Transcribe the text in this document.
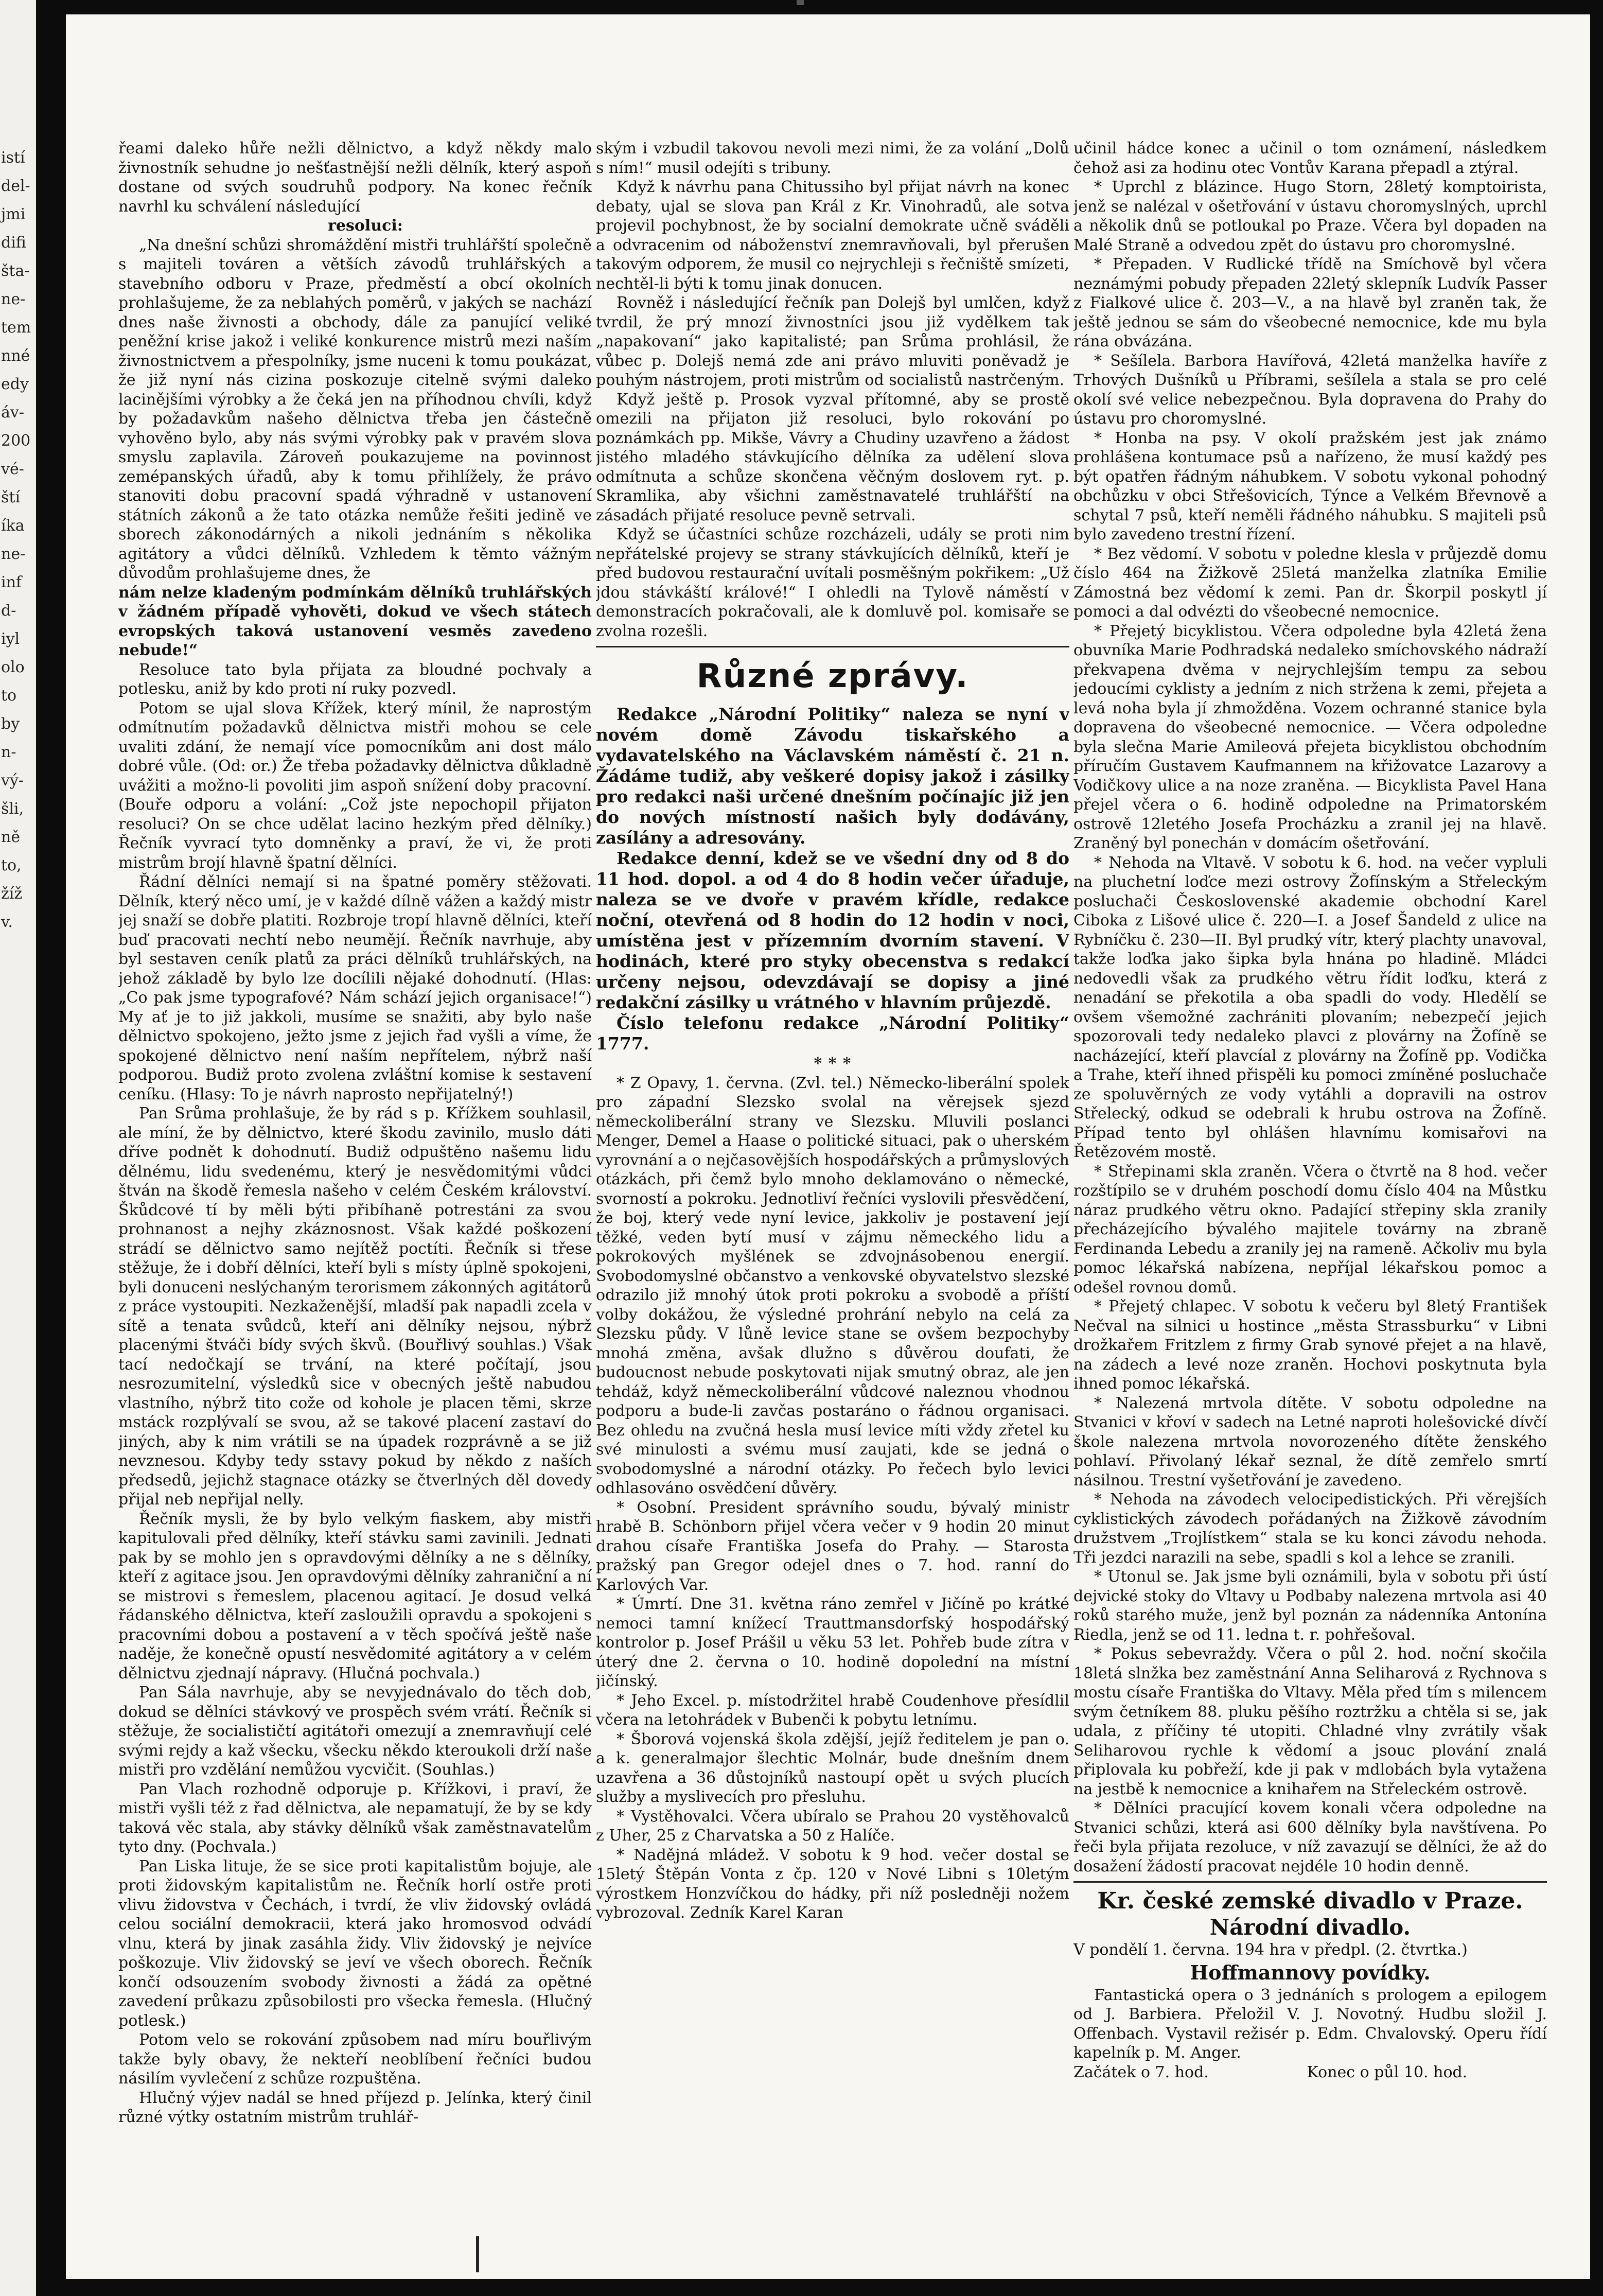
istí
del-
jmi
difi
šta-
ne-
tem
nné
edy
áv-
200
vé-
ští
íka
ne-
inf
d-
iyl
olo
to
by
n-
vý-
šli,
ně
to,
žíž
v.

řeami daleko hůře nežli dělnictvo, a když někdy malo živnostník sehudne jo nešťastnější nežli dělník, který aspoň dostane od svých soudruhů podpory. Na konec řečník navrhl ku schválení následující

resoluci:

„Na dnešní schůzi shromáždění mistři truhlářští společně s majiteli továren a větších závodů truhlářských a stavebního odboru v Praze, předměstí a obcí okolních prohlašujeme, že za neblahých poměrů, v jakých se nachází dnes naše živnosti a obchody, dále za panující veliké peněžní krise jakož i veliké konkurence mistrů mezi naším živnostnictvem a přespolníky, jsme nuceni k tomu poukázat, že již nyní nás cizina poskozuje citelně svými daleko lacinějšími výrobky a že čeká jen na příhodnou chvíli, když by požadavkům našeho dělnictva třeba jen částečně vyhověno bylo, aby nás svými výrobky pak v pravém slova smyslu zaplavila. Zároveň poukazujeme na povinnost zemépanských úřadů, aby k tomu přihlížely, že právo stanoviti dobu pracovní spadá výhradně v ustanovení státních zákonů a že tato otázka nemůže řešiti jedině ve sborech zákonodárných a nikoli jednáním s několika agitátory a vůdci dělníků. Vzhledem k těmto vážným důvodům prohlašujeme dnes, že

nám nelze kladeným podmínkám dělníků truhlářských v žádném případě vyhověti, dokud ve všech státech evropských taková ustanovení vesměs zavedeno nebude!“

Resoluce tato byla přijata za bloudné pochvaly a potlesku, aniž by kdo proti ní ruky pozvedl.

Potom se ujal slova Křížek, který mínil, že naprostým odmítnutím požadavků dělnictva mistři mohou se cele uvaliti zdání, že nemají více pomocníkům ani dost málo dobré vůle. (Od: or.) Že třeba požadavky dělnictva důkladně uvážiti a možno-li povoliti jim aspoň snížení doby pracovní. (Bouře odporu a volání: „Což jste nepochopil přijaton resoluci? On se chce udělat lacino hezkým před dělníky.) Řečník vyvrací tyto domněnky a praví, že vi, že proti mistrům brojí hlavně špatní dělníci.

Řádní dělníci nemají si na špatné poměry stěžovati. Dělník, který něco umí, je v každé dílně vážen a každý mistr jej snaží se dobře platiti. Rozbroje tropí hlavně dělníci, kteří buď pracovati nechtí nebo neumějí. Řečník navrhuje, aby byl sestaven ceník platů za práci dělníků truhlářských, na jehož základě by bylo lze docílili nějaké dohodnutí. (Hlas: „Co pak jsme typografové? Nám schází jejich organisace!“) My ať je to již jakkoli, musíme se snažiti, aby bylo naše dělnictvo spokojeno, ježto jsme z jejich řad vyšli a víme, že spokojené dělnictvo není naším nepřítelem, nýbrž naší podporou. Budiž proto zvolena zvláštní komise k sestavení ceníku. (Hlasy: To je návrh naprosto nepřijatelný!)

Pan Srůma prohlašuje, že by rád s p. Křížkem souhlasil, ale míní, že by dělnictvo, které škodu zavinilo, muslo dáti dříve podnět k dohodnutí. Budiž odpuštěno našemu lidu dělnému, lidu svedenému, který je nesvědomitými vůdci štván na škodě řemesla našeho v celém Českém království. Škůdcové tí by měli býti přibíhaně potrestáni za svou prohnanost a nejhy zkáznosnost. Však každé poškození strádí se dělnictvo samo nejítěž poctíti. Řečník si třese stěžuje, že i dobří dělníci, kteří byli s místy úplně spokojeni, byli donuceni neslýchaným terorismem zákonných agitátorů z práce vystoupiti. Nezkaženější, mladší pak napadli zcela v sítě a tenata svůdců, kteří ani dělníky nejsou, nýbrž placenými štváči bídy svých škvů. (Bouřlivý souhlas.) Však tací nedočkají se trvání, na které počítají, jsou nesrozumitelní, výsledků sice v obecných ještě nabudou vlastního, nýbrž tito cože od kohole je placen těmi, skrze mstáck rozplývalí se svou, až se takové placení zastaví do jiných, aby k nim vrátili se na úpadek rozprávně a se již nevznesou. Kdyby tedy sstavy pokud by někdo z naších předsedů, jejichž stagnace otázky se čtverlných děl dovedy přijal neb nepřijal nelly.

Řečník mysli, že by bylo velkým fiaskem, aby mistři kapitulovali před dělníky, kteří stávku sami zavinili. Jednati pak by se mohlo jen s opravdovými dělníky a ne s dělníky, kteří z agitace jsou. Jen opravdovými dělníky zahraniční a ní se mistrovi s řemeslem, placenou agitací. Je dosud velká řádanského dělnictva, kteří zasloužili opravdu a spokojeni s pracovními dobou a postavení a v těch spočívá ještě naše naděje, že konečně opustí nesvědomité agitátory a v celém dělnictvu zjednají nápravy. (Hlučná pochvala.)

Pan Sála navrhuje, aby se nevyjednávalo do těch dob, dokud se dělníci stávkový ve prospěch svém vrátí. Řečník si stěžuje, že socialističtí agitátoři omezují a znemravňují celé svými rejdy a kaž všecku, všecku někdo kteroukoli drží naše mistři pro vzdělání nemůžou vycvičit. (Souhlas.)

Pan Vlach rozhodně odporuje p. Křížkovi, i praví, že mistři vyšli též z řad dělnictva, ale nepamatují, že by se kdy taková věc stala, aby stávky dělníků však zaměstnavatelům tyto dny. (Pochvala.)

Pan Liska lituje, že se sice proti kapitalistům bojuje, ale proti židovským kapitalistům ne. Řečník horlí ostře proti vlivu židovstva v Čechách, i tvrdí, že vliv židovský ovládá celou sociální demokracii, která jako hromosvod odvádí vlnu, která by jinak zasáhla židy. Vliv židovský je nejvíce poškozuje. Vliv židovský se jeví ve všech oborech. Řečník končí odsouzením svobody živnosti a žádá za opětné zavedení průkazu způsobilosti pro všecka řemesla. (Hlučný potlesk.)

Potom velo se rokování způsobem nad míru bouřlivým takže byly obavy, že nekteří neoblíbení řečníci budou násilím vyvlečení z schůze rozpuštěna.

Hlučný výjev nadál se hned příjezd p. Jelínka, který činil různé výtky ostatním mistrům truhlář-

ským i vzbudil takovou nevoli mezi nimi, že za volání „Dolů s ním!“ musil odejíti s tribuny.

Když k návrhu pana Chitussiho byl přijat návrh na konec debaty, ujal se slova pan Král z Kr. Vinohradů, ale sotva projevil pochybnost, že by socialní demokrate učně sváděli a odvracenim od náboženství znemravňovali, byl přerušen takovým odporem, že musil co nejrychleji s řečniště smízeti, nechtěl-li býti k tomu jinak donucen.

Rovněž i následující řečník pan Dolejš byl umlčen, když tvrdil, že prý mnozí živnostníci jsou již vydělkem tak „napakovaní“ jako kapitalisté; pan Srůma prohlásil, že vůbec p. Dolejš nemá zde ani právo mluviti poněvadž je pouhým nástrojem, proti mistrům od socialistů nastrčeným.

Když ještě p. Prosok vyzval přítomné, aby se prostě omezili na přijaton již resoluci, bylo rokování po poznámkách pp. Mikše, Vávry a Chudiny uzavřeno a žádost jistého mladého stávkujícího dělníka za udělení slova odmítnuta a schůze skončena věčným doslovem ryt. p. Skramlika, aby všichni zaměstnavatelé truhlářští na zásadách přijaté resoluce pevně setrvali.

Když se účastníci schůze rozcházeli, udály se proti nim nepřátelské projevy se strany stávkujících dělníků, kteří je před budovou restaurační uvítali posměšným pokřikem: „Už jdou stávkáští králové!“ I ohledli na Tylově náměstí v demonstracích pokračovali, ale k domluvě pol. komisaře se zvolna rozešli.

Různé zprávy.

Redakce „Národní Politiky“ naleza se nyní v novém domě Závodu tiskařského a vydavatelského na Václavském náměstí č. 21 n. Žádáme tudiž, aby veškeré dopisy jakož i zásilky pro redakci naši určené dnešním počínajíc již jen do nových místností našich byly dodávány, zasílány a adresovány.

Redakce denní, kdež se ve všední dny od 8 do 11 hod. dopol. a od 4 do 8 hodin večer úřaduje, naleza se ve dvoře v pravém křídle, redakce noční, otevřená od 8 hodin do 12 hodin v noci, umístěna jest v přízemním dvorním stavení. V hodinách, které pro styky obecenstva s redakcí určeny nejsou, odevzdávají se dopisy a jiné redakční zásilky u vrátného v hlavním průjezdě.

Číslo telefonu redakce „Národní Politiky“ 1777.

* * *

* Z Opavy, 1. června. (Zvl. tel.) Německo-liberální spolek pro západní Slezsko svolal na věrejsek sjezd německoliberální strany ve Slezsku. Mluvili poslanci Menger, Demel a Haase o politické situaci, pak o uherském vyrovnání a o nejčasovějších hospodářských a průmyslových otázkách, při čemž bylo mnoho deklamováno o německé, svorností a pokroku. Jednotliví řečníci vyslovili přesvědčení, že boj, který vede nyní levice, jakkoliv je postavení její těžké, veden bytí musí v zájmu německého lidu a pokrokových myšlének se zdvojnásobenou energií. Svobodomyslné občanstvo a venkovské obyvatelstvo slezské odrazilo již mnohý útok proti pokroku a svobodě a příští volby dokážou, že výsledné prohrání nebylo na celá za Slezsku půdy. V lůně levice stane se ovšem bezpochyby mnohá změna, avšak dlužno s důvěrou doufati, že budoucnost nebude poskytovati nijak smutný obraz, ale jen tehdáž, když německoliberální vůdcové naleznou vhodnou podporu a bude-li zavčas postaráno o řádnou organisaci. Bez ohledu na zvučná hesla musí levice míti vždy zřetel ku své minulosti a svému musí zaujati, kde se jedná o svobodomyslné a národní otázky. Po řečech bylo levici odhlasováno osvědčení důvěry.

* Osobní. President správního soudu, bývalý ministr hrabě B. Schönborn přijel včera večer v 9 hodin 20 minut drahou císaře Františka Josefa do Prahy. — Starosta pražský pan Gregor odejel dnes o 7. hod. ranní do Karlových Var.

* Úmrtí. Dne 31. května ráno zemřel v Jičíně po krátké nemoci tamní knížecí Trauttmansdorfský hospodářský kontrolor p. Josef Prášil u věku 53 let. Pohřeb bude zítra v úterý dne 2. června o 10. hodině dopolední na místní jičínský.

* Jeho Excel. p. místodržitel hrabě Coudenhove přesídlil včera na letohrádek v Bubenči k pobytu letnímu.

* Šborová vojenská škola zdější, jejíž ředitelem je pan o. a k. generalmajor šlechtic Molnár, bude dnešním dnem uzavřena a 36 důstojníků nastoupí opět u svých plucích služby a myslivecích pro přesluhu.

* Vystěhovalci. Včera ubíralo se Prahou 20 vystěhovalců z Uher, 25 z Charvatska a 50 z Halíče.

* Nadějná mládež. V sobotu k 9 hod. večer dostal se 15letý Štěpán Vonta z čp. 120 v Nové Libni s 10letým výrostkem Honzvíčkou do hádky, při níž posledněji nožem vybrozoval. Zedník Karel Karan

učinil hádce konec a učinil o tom oznámení, následkem čehož asi za hodinu otec Vontův Karana přepadl a ztýral.

* Uprchl z blázince. Hugo Storn, 28letý komptoirista, jenž se nalézal v ošetřování v ústavu choromyslných, uprchl a několik dnů se potloukal po Praze. Včera byl dopaden na Malé Straně a odvedou zpět do ústavu pro choromyslné.

* Přepaden. V Rudlické třídě na Smíchově byl včera neznámými pobudy přepaden 22letý sklepník Ludvík Passer z Fialkové ulice č. 203—V., a na hlavě byl zraněn tak, že ještě jednou se sám do všeobecné nemocnice, kde mu byla rána obvázána.

* Sešílela. Barbora Havířová, 42letá manželka havíře z Trhových Dušníků u Příbrami, sešílela a stala se pro celé okolí své velice nebezpečnou. Byla dopravena do Prahy do ústavu pro choromyslné.

* Honba na psy. V okolí pražském jest jak známo prohlášena kontumace psů a nařízeno, že musí každý pes být opatřen řádným náhubkem. V sobotu vykonal pohodný obchůzku v obci Střešovicích, Týnce a Velkém Břevnově a schytal 7 psů, kteří neměli řádného náhubku. S majiteli psů bylo zavedeno trestní řízení.

* Bez vědomí. V sobotu v poledne klesla v průjezdě domu číslo 464 na Žižkově 25letá manželka zlatníka Emilie Zámostná bez vědomí k zemi. Pan dr. Škorpil poskytl jí pomoci a dal odvézti do všeobecné nemocnice.

* Přejetý bicyklistou. Včera odpoledne byla 42letá žena obuvníka Marie Podhradská nedaleko smíchovského nádraží překvapena dvěma v nejrychlejším tempu za sebou jedoucími cyklisty a jedním z nich stržena k zemi, přejeta a levá noha byla jí zhmožděna. Vozem ochranné stanice byla dopravena do všeobecné nemocnice. — Včera odpoledne byla slečna Marie Amileová přejeta bicyklistou obchodním příručím Gustavem Kaufmannem na křižovatce Lazarovy a Vodičkovy ulice a na noze zraněna. — Bicyklista Pavel Hana přejel včera o 6. hodině odpoledne na Primatorském ostrově 12letého Josefa Procházku a zranil jej na hlavě. Zraněný byl ponechán v domácím ošetřování.

* Nehoda na Vltavě. V sobotu k 6. hod. na večer vypluli na pluchetní loďce mezi ostrovy Žofínským a Střeleckým posluchači Československé akademie obchodní Karel Ciboka z Lišové ulice č. 220—I. a Josef Šandeld z ulice na Rybníčku č. 230—II. Byl prudký vítr, který plachty unavoval, takže loďka jako šipka byla hnána po hladině. Mládci nedovedli však za prudkého větru řídit loďku, která z nenadání se překotila a oba spadli do vody. Hledělí se ovšem všemožné zachrániti plovaním; nebezpečí jejich spozorovali tedy nedaleko plavci z plovárny na Žofíně se nacházející, kteří plavcíal z plovárny na Žofíně pp. Vodička a Trahe, kteří ihned přispěli ku pomoci zmíněné posluchače ze spoluvěrných ze vody vytáhli a dopravili na ostrov Střelecký, odkud se odebrali k hrubu ostrova na Žofíně. Případ tento byl ohlášen hlavnímu komisařovi na Řetězovém mostě.

* Střepinami skla zraněn. Včera o čtvrtě na 8 hod. večer rozštípilo se v druhém poschodí domu číslo 404 na Můstku náraz prudkého větru okno. Padající střepiny skla zranily přecházejícího bývalého majitele továrny na zbraně Ferdinanda Lebedu a zranily jej na rameně. Ačkoliv mu byla pomoc lékařská nabízena, nepříjal lékařskou pomoc a odešel rovnou domů.

* Přejetý chlapec. V sobotu k večeru byl 8letý František Nečval na silnici u hostince „města Strassburku“ v Libni drožkařem Fritzlem z firmy Grab synové přejet a na hlavě, na zádech a levé noze zraněn. Hochovi poskytnuta byla ihned pomoc lékařská.

* Nalezená mrtvola dítěte. V sobotu odpoledne na Stvanici v křoví v sadech na Letné naproti holešovické dívčí škole nalezena mrtvola novorozeného dítěte ženského pohlaví. Přivolaný lékař seznal, že dítě zemřelo smrtí násilnou. Trestní vyšetřování je zavedeno.

* Nehoda na závodech velocipedistických. Při věrejších cyklistických závodech pořádaných na Žižkově závodním družstvem „Trojlístkem“ stala se ku konci závodu nehoda. Tři jezdci narazili na sebe, spadli s kol a lehce se zranili.

* Utonul se. Jak jsme byli oznámili, byla v sobotu při ústí dejvické stoky do Vltavy u Podbaby nalezena mrtvola asi 40 roků starého muže, jenž byl poznán za nádenníka Antonína Riedla, jenž se od 11. ledna t. r. pohřešoval.

* Pokus sebevraždy. Včera o půl 2. hod. noční skočila 18letá slnžka bez zaměstnání Anna Seliharová z Rychnova s mostu císaře Františka do Vltavy. Měla před tím s milencem svým četníkem 88. pluku pěšího roztržku a chtěla si se, jak udala, z příčiny té utopiti. Chladné vlny zvrátily však Seliharovou rychle k vědomí a jsouc plování znalá připlovala ku pobřeží, kde ji pak v mdlobách byla vytažena na jestbě k nemocnice a knihařem na Střeleckém ostrově.

* Dělníci pracující kovem konali včera odpoledne na Stvanici schůzi, která asi 600 dělníky byla navštívena. Po řeči byla přijata rezoluce, v níž zavazují se dělníci, že až do dosažení žádostí pracovat nejdéle 10 hodin denně.

Kr. české zemské divadlo v Praze.
Národní divadlo.

V pondělí 1. června. 194 hra v předpl. (2. čtvrtka.)

Hoffmannovy povídky.

Fantastická opera o 3 jednáních s prologem a epilogem od J. Barbiera. Přeložil V. J. Novotný. Hudbu složil J. Offenbach. Vystavil režisér p. Edm. Chvalovský. Operu řídí kapelník p. M. Anger.

Začátek o 7. hod.                    Konec o půl 10. hod.
